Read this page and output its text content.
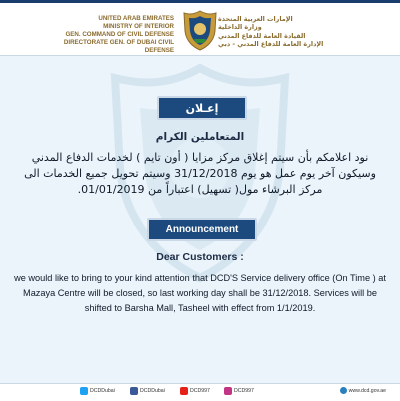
UNITED ARAB EMIRATES
MINISTRY OF INTERIOR
GEN. COMMAND OF CIVIL DEFENSE
DIRECTORATE GEN. OF DUBAI CIVIL DEFENSE
الإمارات العربية المتحدة
وزارة الداخلية
القيادة العامة للدفاع المدني
الإدارة العامة للدفاع المدني - دبي
إعـلان
المتعاملين الكرام
نود اعلامكم بأن سيتم إغلاق مركز مزايا ( أون تايم ) لخدمات الدفاع المدني وسيكون آخر يوم عمل هو يوم 31/12/2018 وسيتم تحويل جميع الخدمات الى مركز البرشاء مول( تسهيل) اعتباراً من 01/01/2019.
Announcement
Dear Customers :
we would like to bring to your kind attention that DCD'S Service delivery office (On Time ) at Mazaya Centre will be closed, so last working day shall be 31/12/2018. Services will be shifted to Barsha Mall, Tasheel with effect from 1/1/2019.
DCDDubai	DCDDubai	DCD997	DCD997	www.dcd.gov.ae
